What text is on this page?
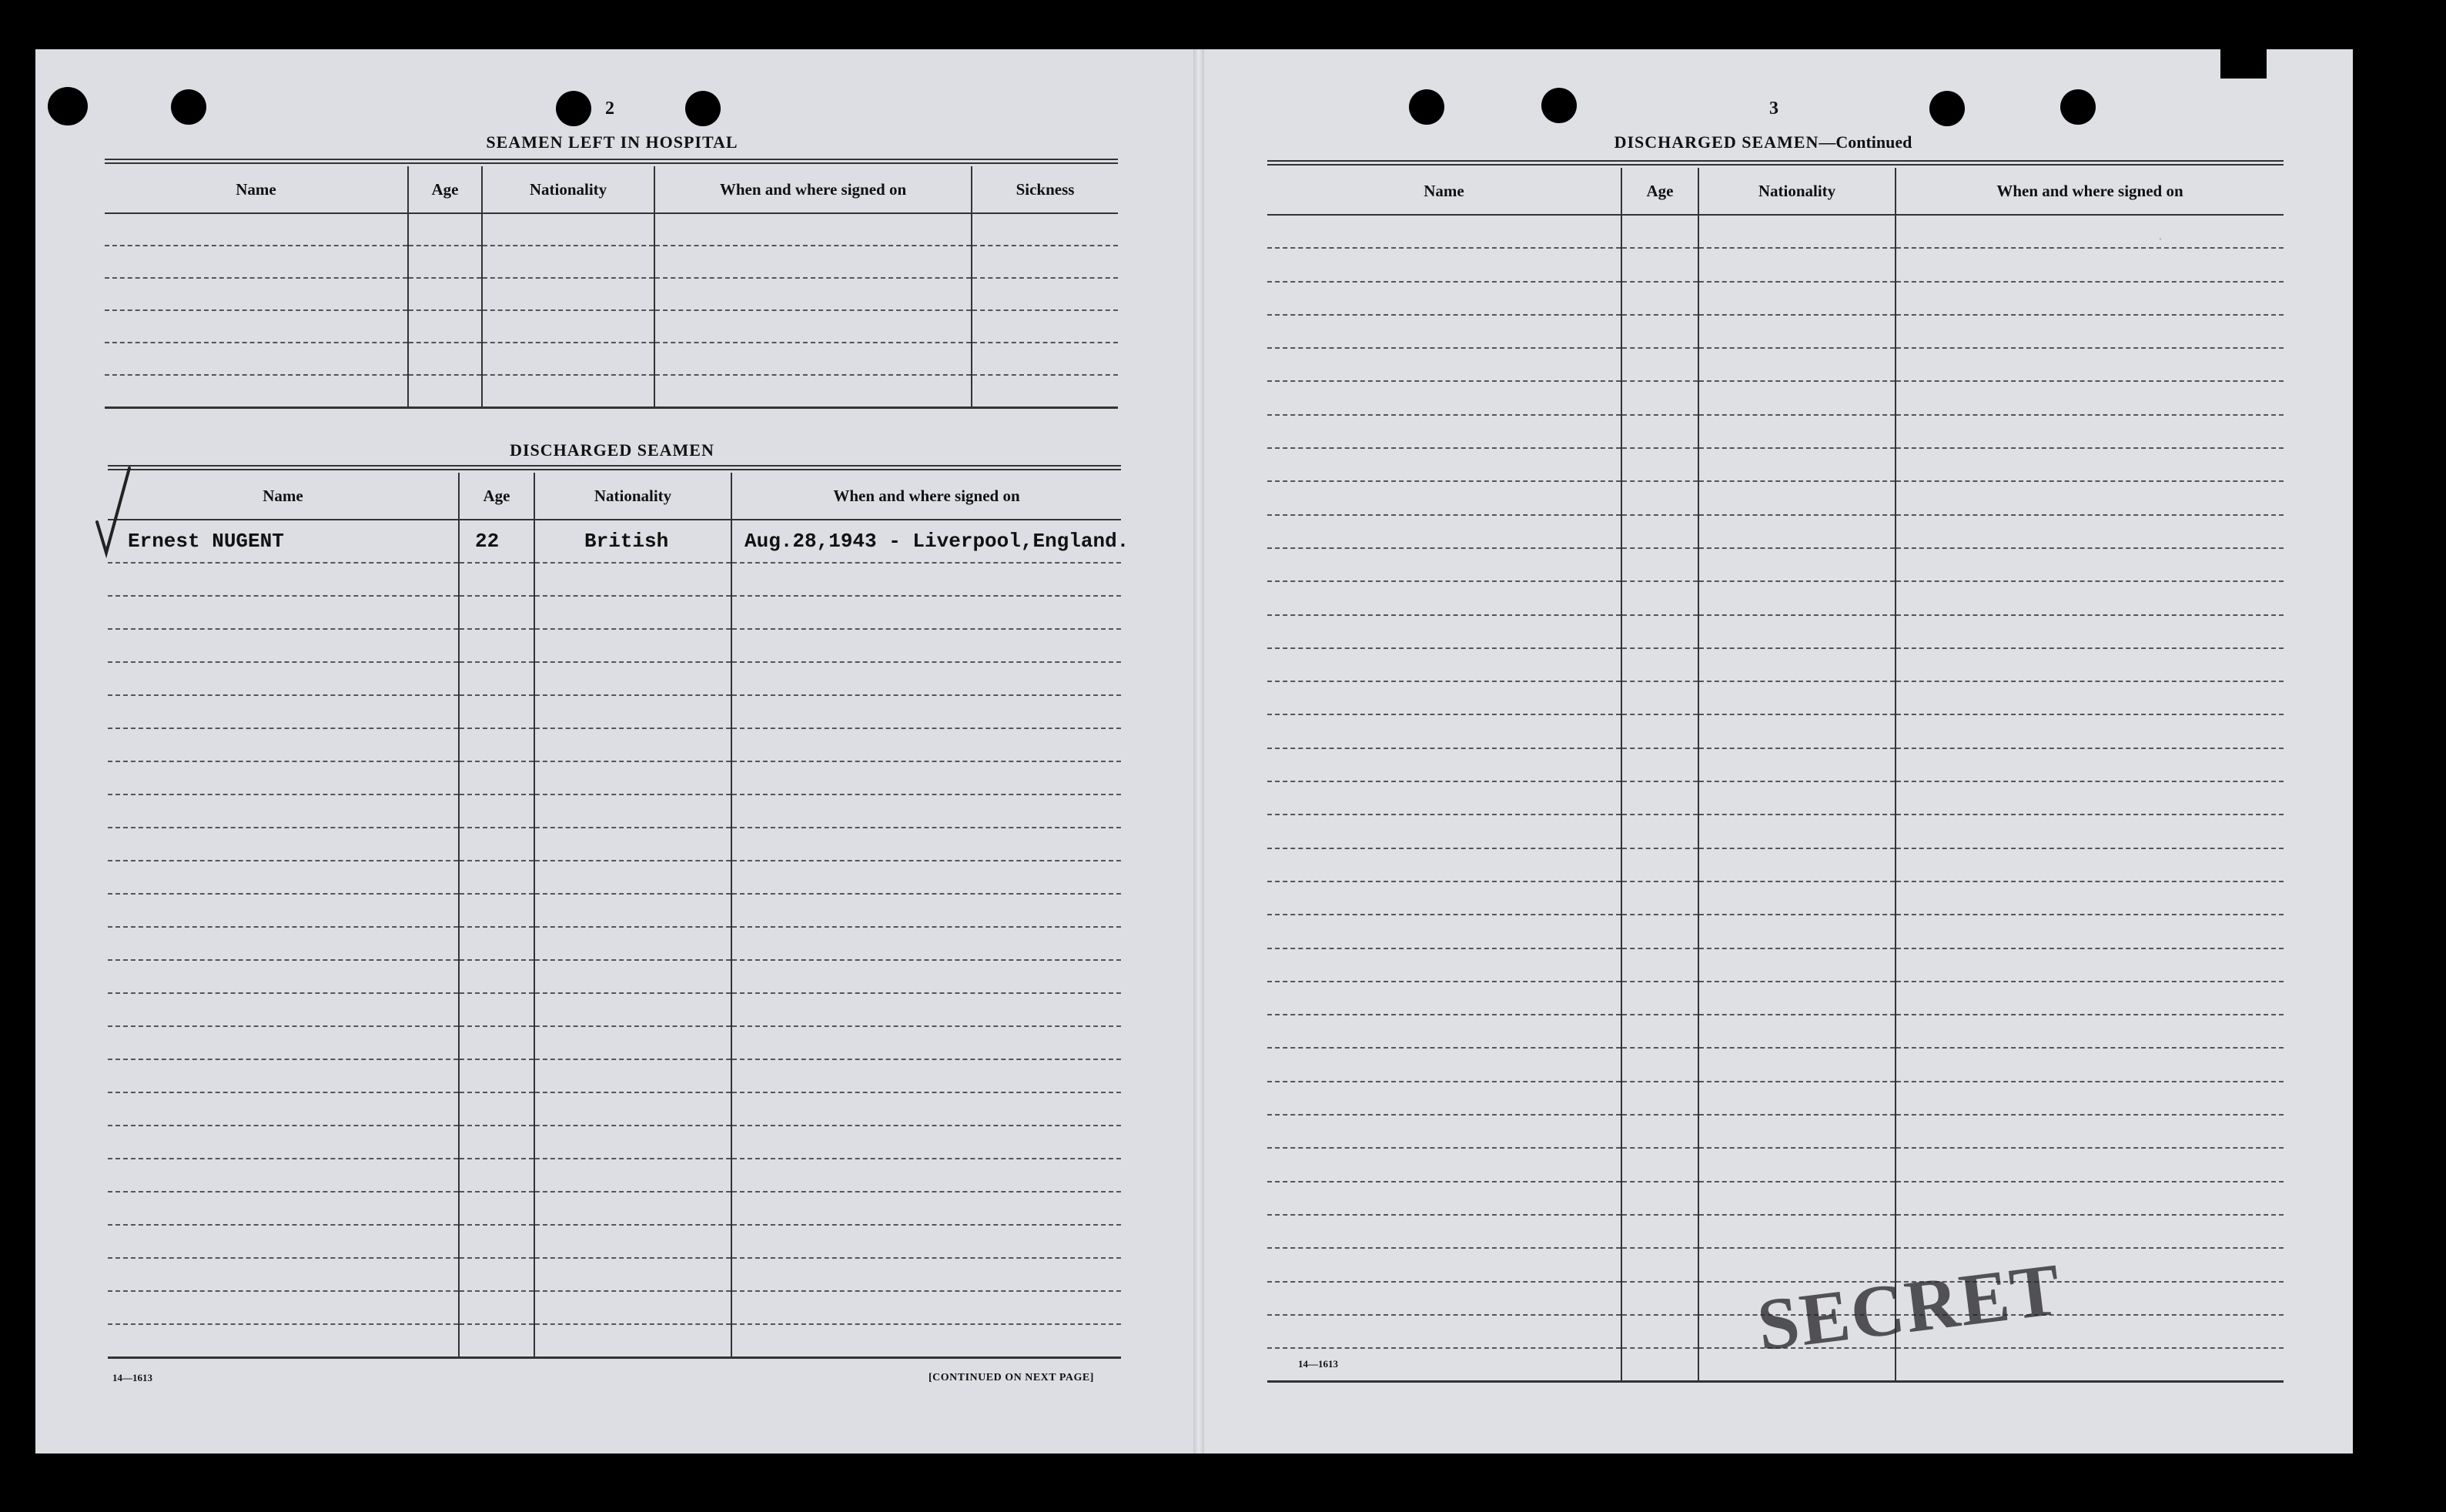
·
2
SEAMEN LEFT IN HOSPITAL
Name	Age	Nationality	When and where signed on	Sickness

DISCHARGED SEAMEN
Name	Age	Nationality	When and where signed on
Ernest NUGENT	22	British	Aug.28,1943 - Liverpool,England.

14—1613	[CONTINUED ON NEXT PAGE]
3
DISCHARGED SEAMEN—Continued
Name	Age	Nationality	When and where signed on

14—1613	SECRET
